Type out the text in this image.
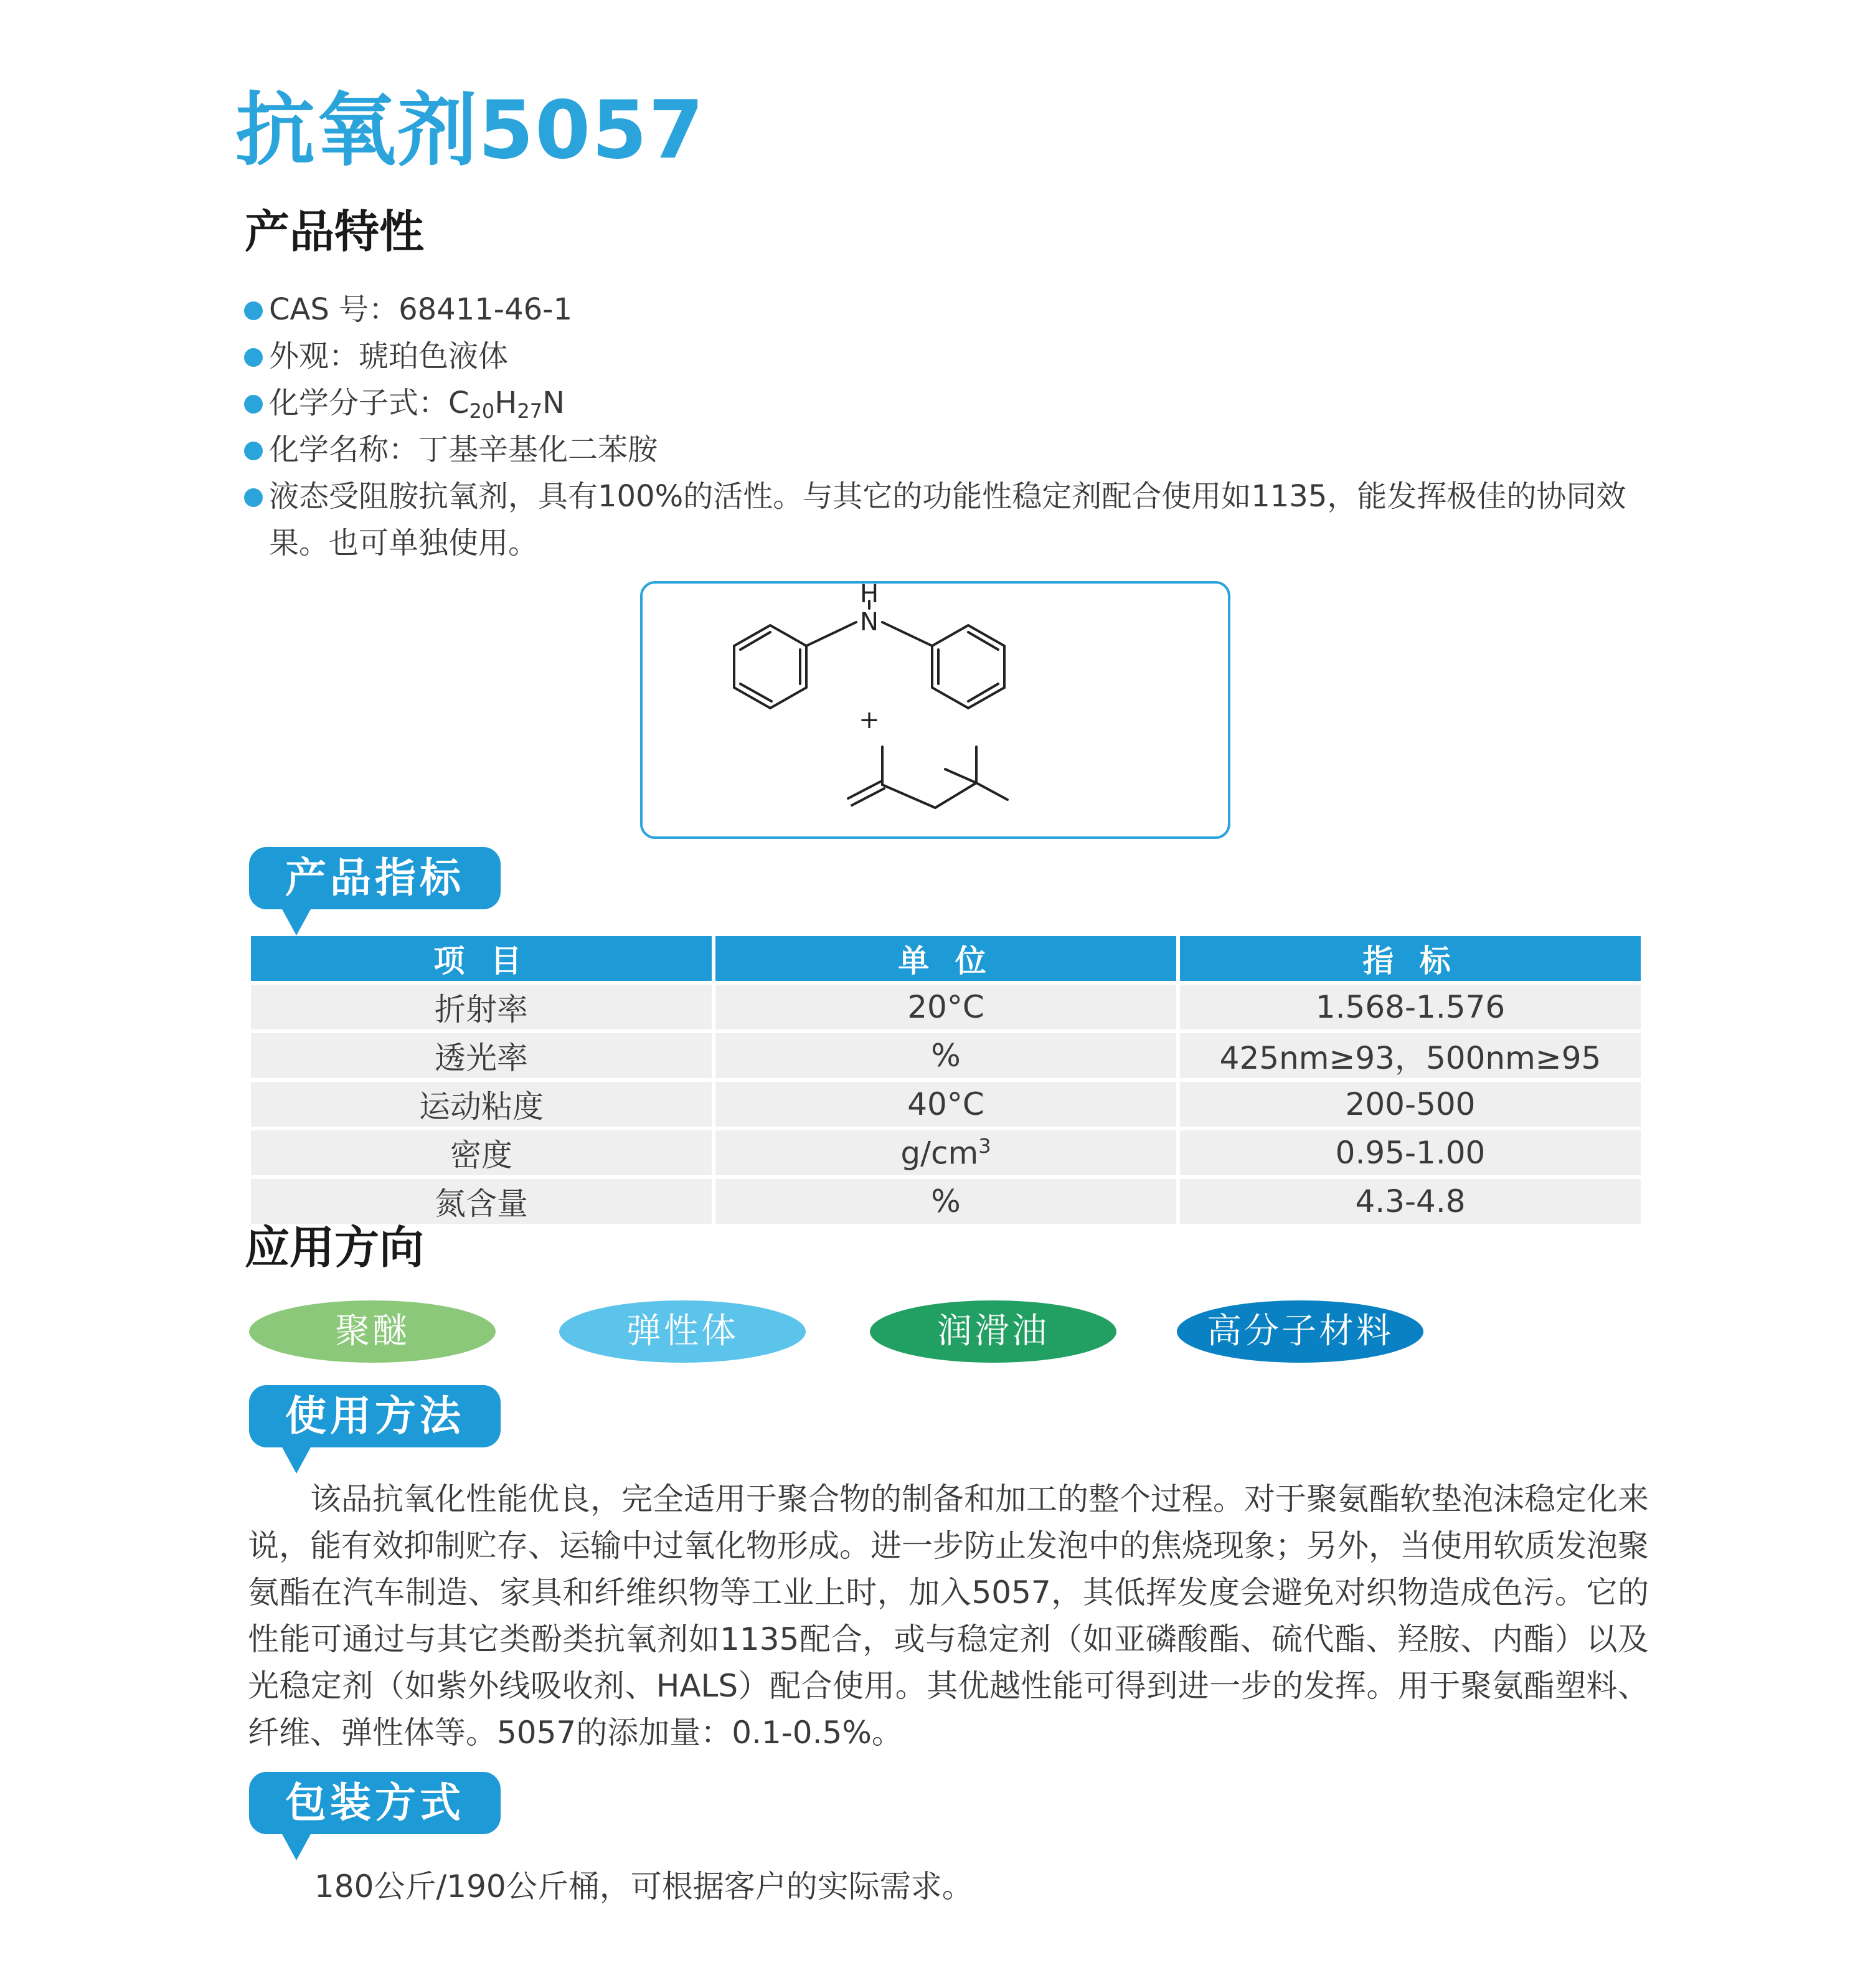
抗氧剂5057
产品特性
CAS 号：68411-46-1
外观：琥珀色液体
化学分子式：$C_{20}H_{27}N$
化学名称：丁基辛基化二苯胺
液态受阻胺抗氧剂，具有100%的活性。与其它的功能性稳定剂配合使用如1135，能发挥极佳的协同效果。也可单独使用。
H
N
+
产品指标
项 目	单 位	指 标
折射率	20°C	1.568-1.576
透光率	%	425nm≥93，500nm≥95
运动粘度	40°C	200-500
密度	$g/cm^3$	0.95-1.00
氮含量	%	4.3-4.8
应用方向
聚醚	弹性体	润滑油	高分子材料
使用方法
该品抗氧化性能优良，完全适用于聚合物的制备和加工的整个过程。对于聚氨酯软垫泡沫稳定化来说，能有效抑制贮存、运输中过氧化物形成。进一步防止发泡中的焦烧现象；另外，当使用软质发泡聚氨酯在汽车制造、家具和纤维织物等工业上时，加入5057，其低挥发度会避免对织物造成色污。它的性能可通过与其它类酚类抗氧剂如1135配合，或与稳定剂（如亚磷酸酯、硫代酯、羟胺、内酯）以及光稳定剂（如紫外线吸收剂、HALS）配合使用。其优越性能可得到进一步的发挥。用于聚氨酯塑料、纤维、弹性体等。5057的添加量：0.1-0.5%。
包装方式
180公斤/190公斤桶，可根据客户的实际需求。
